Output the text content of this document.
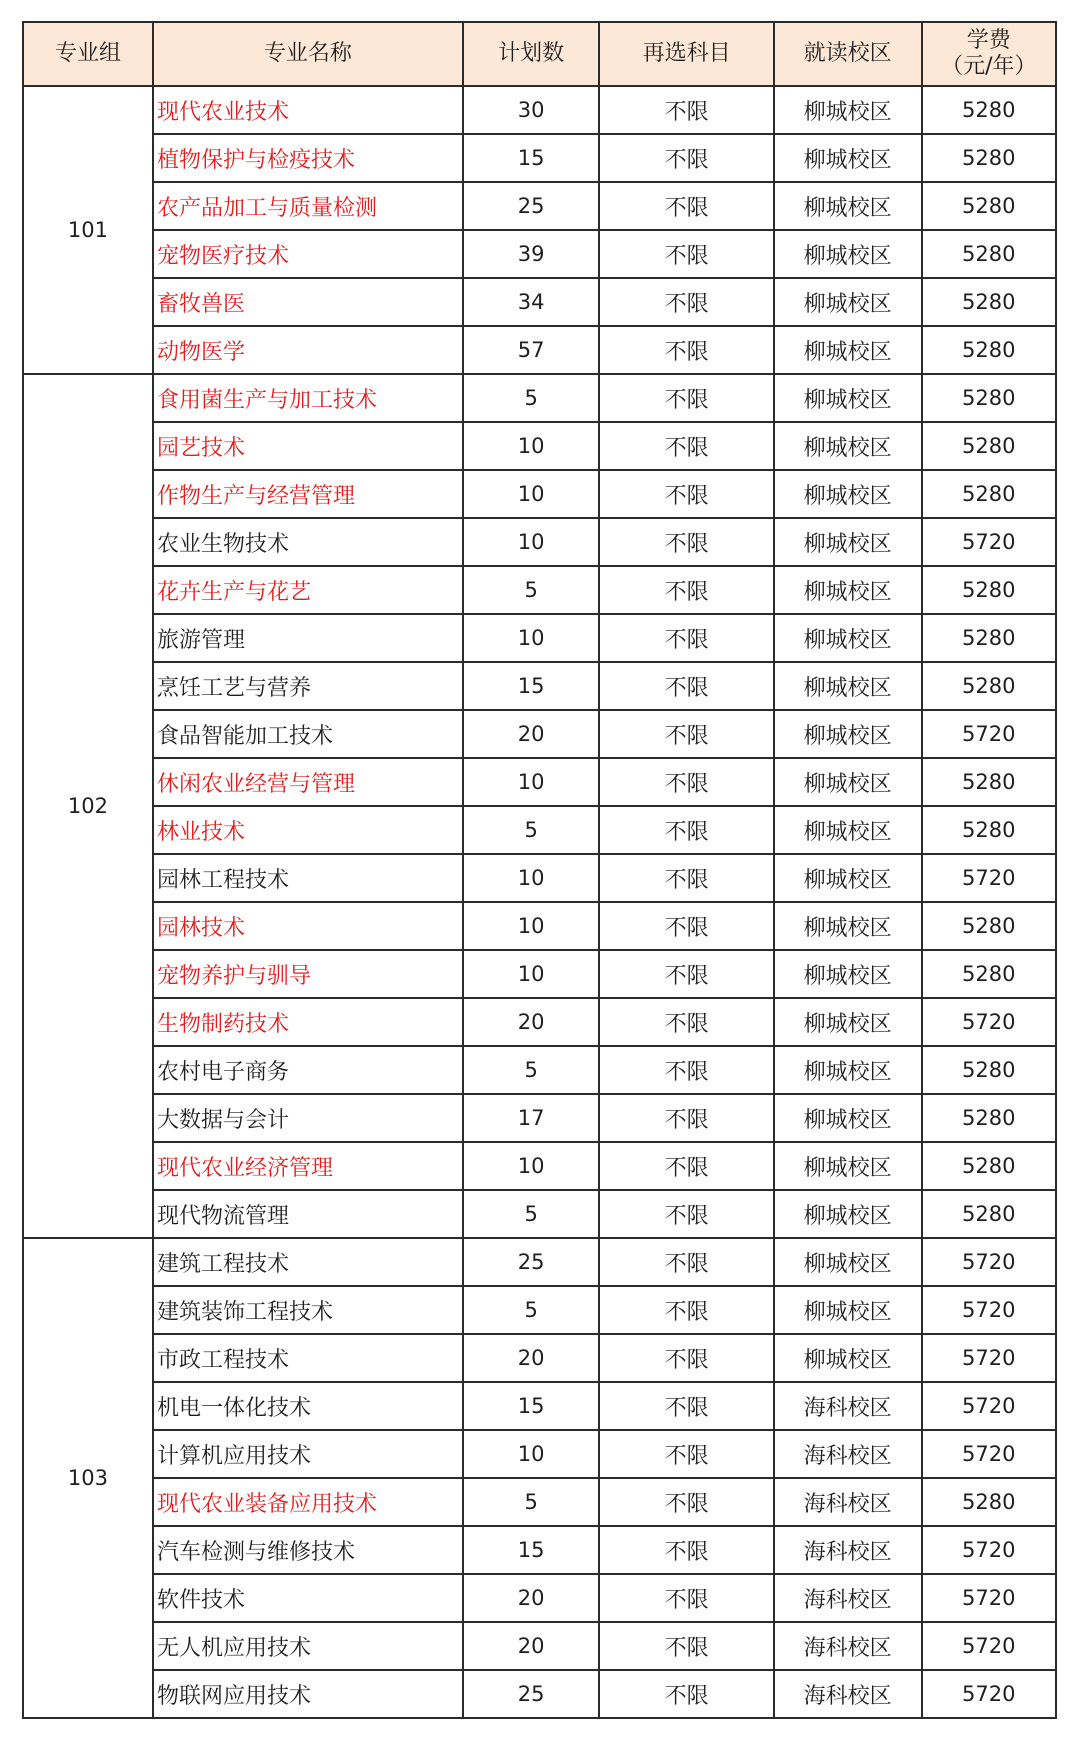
专业组	专业名称	计划数	再选科目	就读校区	学费
（元/年）

101	现代农业技术	30	不限	柳城校区	5280
	植物保护与检疫技术	15	不限	柳城校区	5280
	农产品加工与质量检测	25	不限	柳城校区	5280
	宠物医疗技术	39	不限	柳城校区	5280
	畜牧兽医	34	不限	柳城校区	5280
	动物医学	57	不限	柳城校区	5280
102	食用菌生产与加工技术	5	不限	柳城校区	5280
	园艺技术	10	不限	柳城校区	5280
	作物生产与经营管理	10	不限	柳城校区	5280
	农业生物技术	10	不限	柳城校区	5720
	花卉生产与花艺	5	不限	柳城校区	5280
	旅游管理	10	不限	柳城校区	5280
	烹饪工艺与营养	15	不限	柳城校区	5280
	食品智能加工技术	20	不限	柳城校区	5720
	休闲农业经营与管理	10	不限	柳城校区	5280
	林业技术	5	不限	柳城校区	5280
	园林工程技术	10	不限	柳城校区	5720
	园林技术	10	不限	柳城校区	5280
	宠物养护与驯导	10	不限	柳城校区	5280
	生物制药技术	20	不限	柳城校区	5720
	农村电子商务	5	不限	柳城校区	5280
	大数据与会计	17	不限	柳城校区	5280
	现代农业经济管理	10	不限	柳城校区	5280
	现代物流管理	5	不限	柳城校区	5280
103	建筑工程技术	25	不限	柳城校区	5720
	建筑装饰工程技术	5	不限	柳城校区	5720
	市政工程技术	20	不限	柳城校区	5720
	机电一体化技术	15	不限	海科校区	5720
	计算机应用技术	10	不限	海科校区	5720
	现代农业装备应用技术	5	不限	海科校区	5280
	汽车检测与维修技术	15	不限	海科校区	5720
	软件技术	20	不限	海科校区	5720
	无人机应用技术	20	不限	海科校区	5720
	物联网应用技术	25	不限	海科校区	5720
